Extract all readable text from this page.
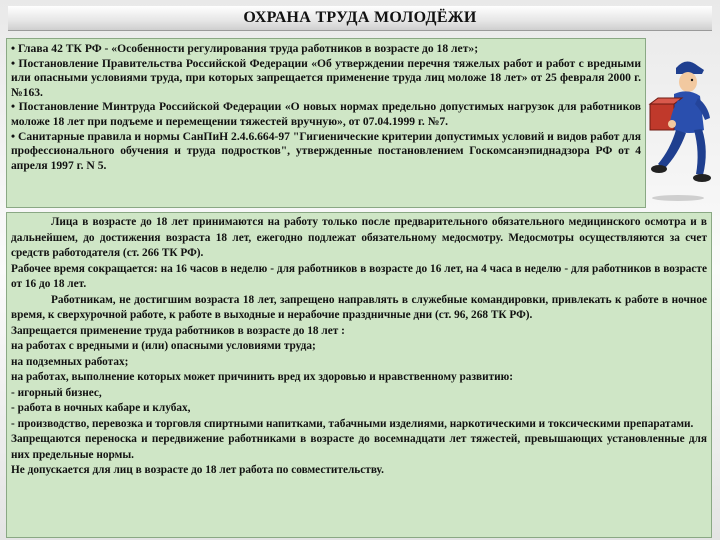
ОХРАНА ТРУДА МОЛОДЁЖИ

• Глава 42 ТК РФ - «Особенности регулирования труда работников в возрасте до 18 лет»;

• Постановление Правительства Российской Федерации «Об утверждении перечня тяжелых работ и работ с вредными или опасными условиями труда, при которых запрещается применение труда лиц моложе 18 лет» от 25 февраля 2000 г. №163.

• Постановление Минтруда Российской Федерации «О новых нормах предельно допустимых нагрузок для работников моложе 18 лет при подъеме и перемещении тяжестей вручную», от 07.04.1999 г. №7.

• Санитарные правила и нормы СанПиН 2.4.6.664-97 "Гигиенические критерии допустимых условий и видов работ для профессионального обучения и труда подростков", утвержденные постановлением Госкомсанэпиднадзора РФ от 4 апреля 1997 г. N 5.

Лица в возрасте до 18 лет принимаются на работу только после предварительного обязательного медицинского осмотра и в дальнейшем, до достижения возраста 18 лет, ежегодно подлежат обязательному медосмотру. Медосмотры осуществляются за счет средств работодателя (ст. 266 ТК РФ).

Рабочее время сокращается: на 16 часов в неделю - для работников в возрасте до 16 лет, на 4 часа в неделю - для работников в возрасте от 16 до 18 лет.

Работникам, не достигшим возраста 18 лет, запрещено направлять в служебные командировки, привлекать к работе в ночное время, к сверхурочной работе, к работе в выходные и нерабочие праздничные дни (ст. 96, 268 ТК РФ).

Запрещается применение труда работников в возрасте до 18 лет :

на работах с вредными и (или) опасными условиями труда;

на подземных работах;

на работах, выполнение которых может причинить вред их здоровью и нравственному развитию:

- игорный бизнес,

- работа в ночных кабаре и клубах,

- производство, перевозка и торговля спиртными напитками, табачными изделиями, наркотическими и токсическими препаратами.

Запрещаются переноска и передвижение работниками в возрасте до восемнадцати лет тяжестей, превышающих установленные для них предельные нормы.

Не допускается для лиц в возрасте до 18 лет работа по совместительству.
